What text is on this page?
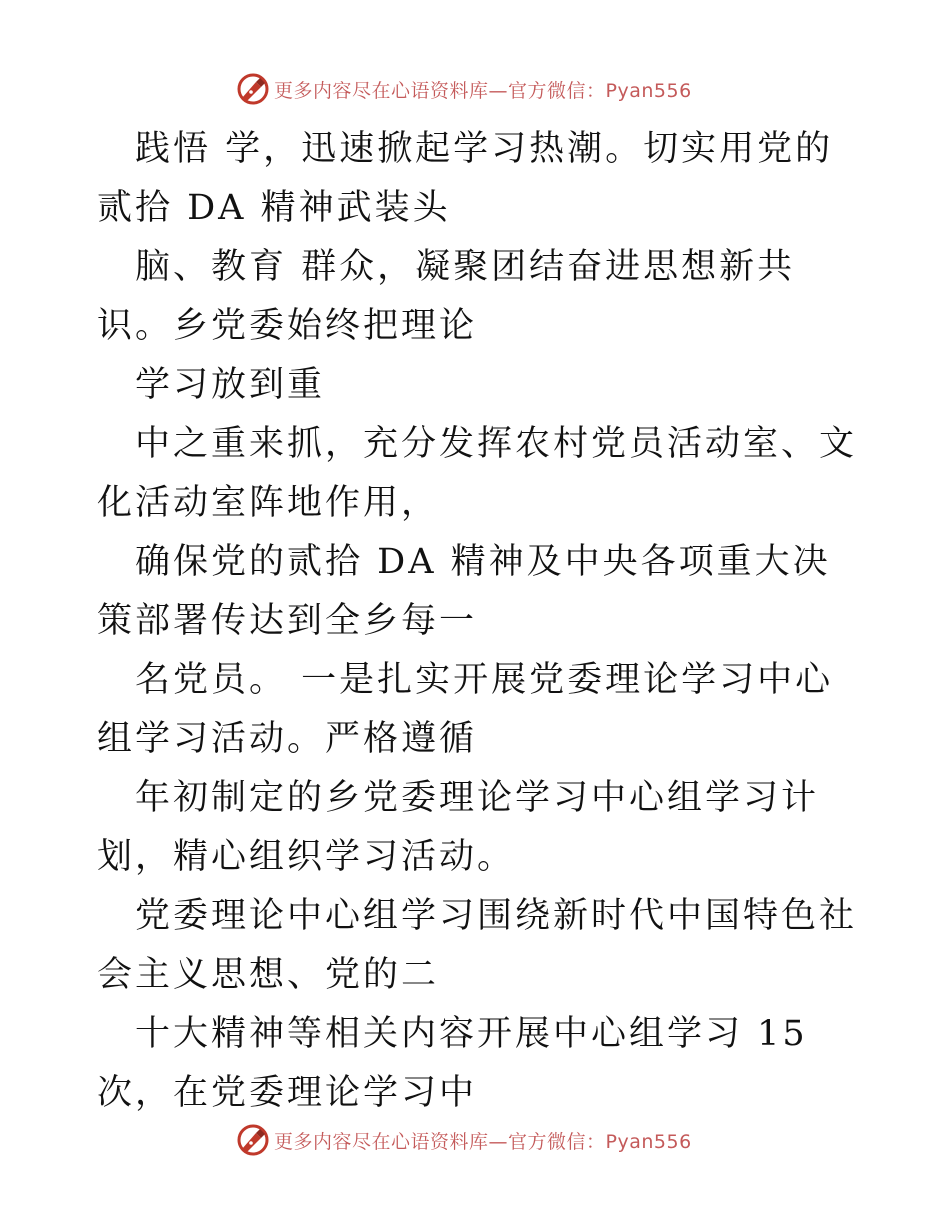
更多内容尽在心语资料库—官方微信：Pyan556

践悟 学，迅速掀起学习热潮。切实用党的贰拾 DA 精神武装头

脑、教育 群众，凝聚团结奋进思想新共识。乡党委始终把理论

学习放到重

中之重来抓，充分发挥农村党员活动室、文化活动室阵地作用，

确保党的贰拾 DA 精神及中央各项重大决策部署传达到全乡每一

名党员。 一是扎实开展党委理论学习中心组学习活动。严格遵循

年初制定的乡党委理论学习中心组学习计划，精心组织学习活动。

党委理论中心组学习围绕新时代中国特色社会主义思想、党的二

十大精神等相关内容开展中心组学习 15 次，在党委理论学习中

更多内容尽在心语资料库—官方微信：Pyan556
